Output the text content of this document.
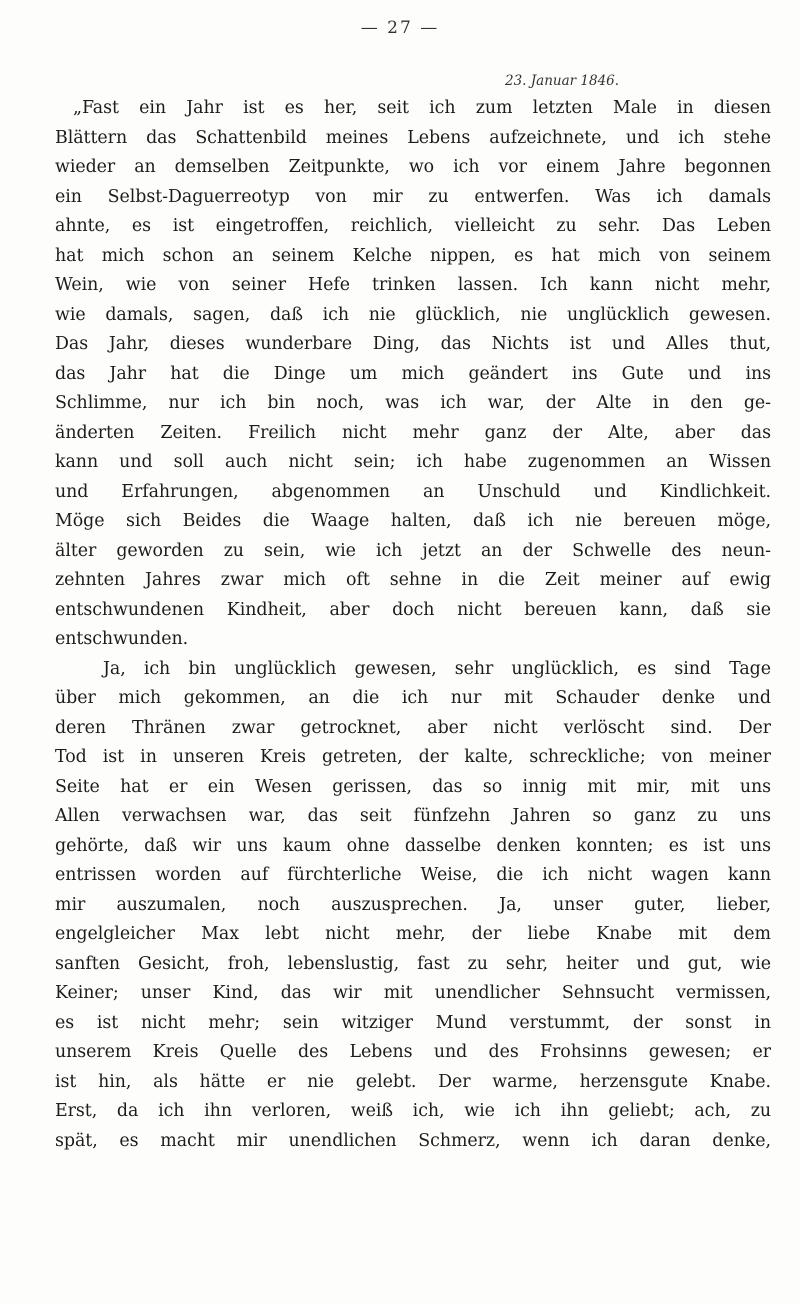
— 27 —
23. Januar 1846.
„Fast ein Jahr ist es her, seit ich zum letzten Male in diesen
Blättern das Schattenbild meines Lebens aufzeichnete, und ich stehe
wieder an demselben Zeitpunkte, wo ich vor einem Jahre begonnen
ein Selbst-Daguerreotyp von mir zu entwerfen. Was ich damals
ahnte, es ist eingetroffen, reichlich, vielleicht zu sehr. Das Leben
hat mich schon an seinem Kelche nippen, es hat mich von seinem
Wein, wie von seiner Hefe trinken lassen. Ich kann nicht mehr,
wie damals, sagen, daß ich nie glücklich, nie unglücklich gewesen.
Das Jahr, dieses wunderbare Ding, das Nichts ist und Alles thut,
das Jahr hat die Dinge um mich geändert ins Gute und ins
Schlimme, nur ich bin noch, was ich war, der Alte in den ge-
änderten Zeiten. Freilich nicht mehr ganz der Alte, aber das
kann und soll auch nicht sein; ich habe zugenommen an Wissen
und Erfahrungen, abgenommen an Unschuld und Kindlichkeit.
Möge sich Beides die Waage halten, daß ich nie bereuen möge,
älter geworden zu sein, wie ich jetzt an der Schwelle des neun-
zehnten Jahres zwar mich oft sehne in die Zeit meiner auf ewig
entschwundenen Kindheit, aber doch nicht bereuen kann, daß sie
entschwunden.
Ja, ich bin unglücklich gewesen, sehr unglücklich, es sind Tage
über mich gekommen, an die ich nur mit Schauder denke und
deren Thränen zwar getrocknet, aber nicht verlöscht sind. Der
Tod ist in unseren Kreis getreten, der kalte, schreckliche; von meiner
Seite hat er ein Wesen gerissen, das so innig mit mir, mit uns
Allen verwachsen war, das seit fünfzehn Jahren so ganz zu uns
gehörte, daß wir uns kaum ohne dasselbe denken konnten; es ist uns
entrissen worden auf fürchterliche Weise, die ich nicht wagen kann
mir auszumalen, noch auszusprechen. Ja, unser guter, lieber,
engelgleicher Max lebt nicht mehr, der liebe Knabe mit dem
sanften Gesicht, froh, lebenslustig, fast zu sehr, heiter und gut, wie
Keiner; unser Kind, das wir mit unendlicher Sehnsucht vermissen,
es ist nicht mehr; sein witziger Mund verstummt, der sonst in
unserem Kreis Quelle des Lebens und des Frohsinns gewesen; er
ist hin, als hätte er nie gelebt. Der warme, herzensgute Knabe.
Erst, da ich ihn verloren, weiß ich, wie ich ihn geliebt; ach, zu
spät, es macht mir unendlichen Schmerz, wenn ich daran denke,
